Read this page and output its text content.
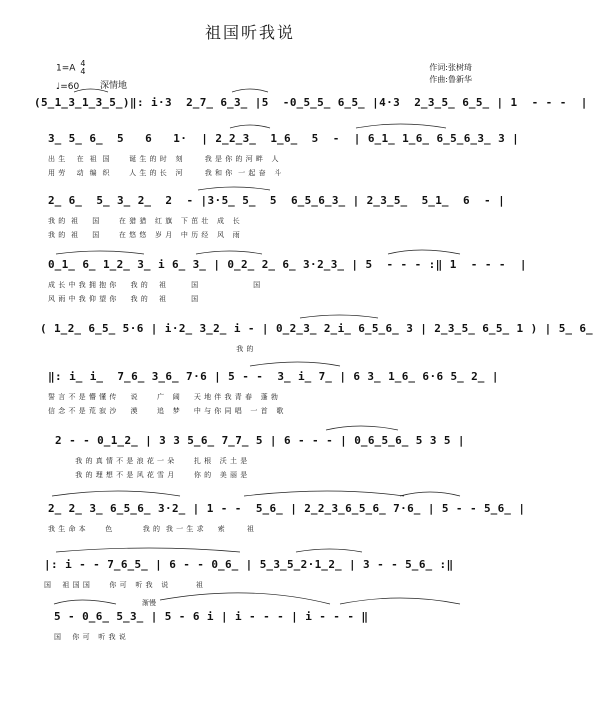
祖国听我说
作词:张树琦
作曲:鲁新华
1=A 4
4
♩=60 深情地
(5̲1̲3̲1̲3̲5̲)‖: i·3  2̲7̲ 6̲3̲ |5  -0̲5̲5̲ 6̲5̲ |4·3  2̲3̲5̲ 6̲5̲ | 1  - - -  |
3̲ 5̲ 6̲  5   6   1·  | 2̲2̲3̲  1̲6̲  5  -  | 6̲1̲ 1̲6̲ 6̲5̲6̲3̲ 3 |
出 生    在  祖  国       诞 生 的 时   刻        我 是 你 的 河 畔   人
用 劳    动  编  织       人 生 的 长   河        我 和 你  一 起 奋   斗
2̲ 6̲  5̲ 3̲ 2̲  2  - |3·5̲ 5̲  5  6̲5̲6̲3̲ | 2̲3̲5̲  5̲1̲  6  - |
我 的  祖     国       在 猎 猎   红 旗   下 茁 壮   成   长
我 的  祖     国       在 悠 悠   岁 月   中 历 经   风   雨
0̲1̲ 6̲ 1̲2̲ 3̲ i 6̲ 3̲ | 0̲2̲ 2̲ 6̲ 3·2̲3̲ | 5  - - - :‖ 1  - - -  |
成 长 中 我 拥 抱 你     我 的    祖         国                    国
风 雨 中 我 仰 望 你     我 的    祖         国
( 1̲2̲ 6̲5̲ 5·6 | i·2̲ 3̲2̲ i - | 0̲2̲3̲ 2̲i̲ 6̲5̲6̲ 3 | 2̲3̲5̲ 6̲5̲ 1 ) | 5̲ 6̲
我 的
‖: i̲ i̲  7̲6̲ 3̲6̲ 7·6 | 5 - -  3̲ i̲ 7̲ | 6 3̲ 1̲6̲ 6·6 5̲ 2̲ |
誓 言 不 是 懵 懂 传     说       广   阔     天 地 伴 我 青 春   蓬 勃
信 念 不 是 荒 寂 沙     漠       追   梦     中 与 你 同 唱   一 首   歌
2 - - 0̲1̲2̲ | 3 3 5̲6̲ 7̲7̲ 5 | 6 - - - | 0̲6̲5̲6̲ 5 3 5 |
我 的 真 情 不 是 浪 花 一 朵       扎 根   沃 土 是
我 的 理 想 不 是 风 花 雪 月       你 的   美 丽 是
2̲ 2̲ 3̲ 6̲5̲6̲ 3·2̲ | 1 - -  5̲6̲ | 2̲2̲3̲6̲5̲6̲ 7·6̲ | 5 - - 5̲6̲ |
我 生 命 本       色           我 的  我 一 生 求     索        祖
|: i - - 7̲6̲5̲ | 6 - - 0̲6̲ | 5̲3̲5̲2·1̲2̲ | 3 - - 5̲6̲ :‖
国    祖 国 国       你 可   听 我   说          祖
5 - 0̲6̲ 5̲3̲ | 5 - 6 i | i - - - | i - - - ‖
国    你 可   听 我 说
渐慢
